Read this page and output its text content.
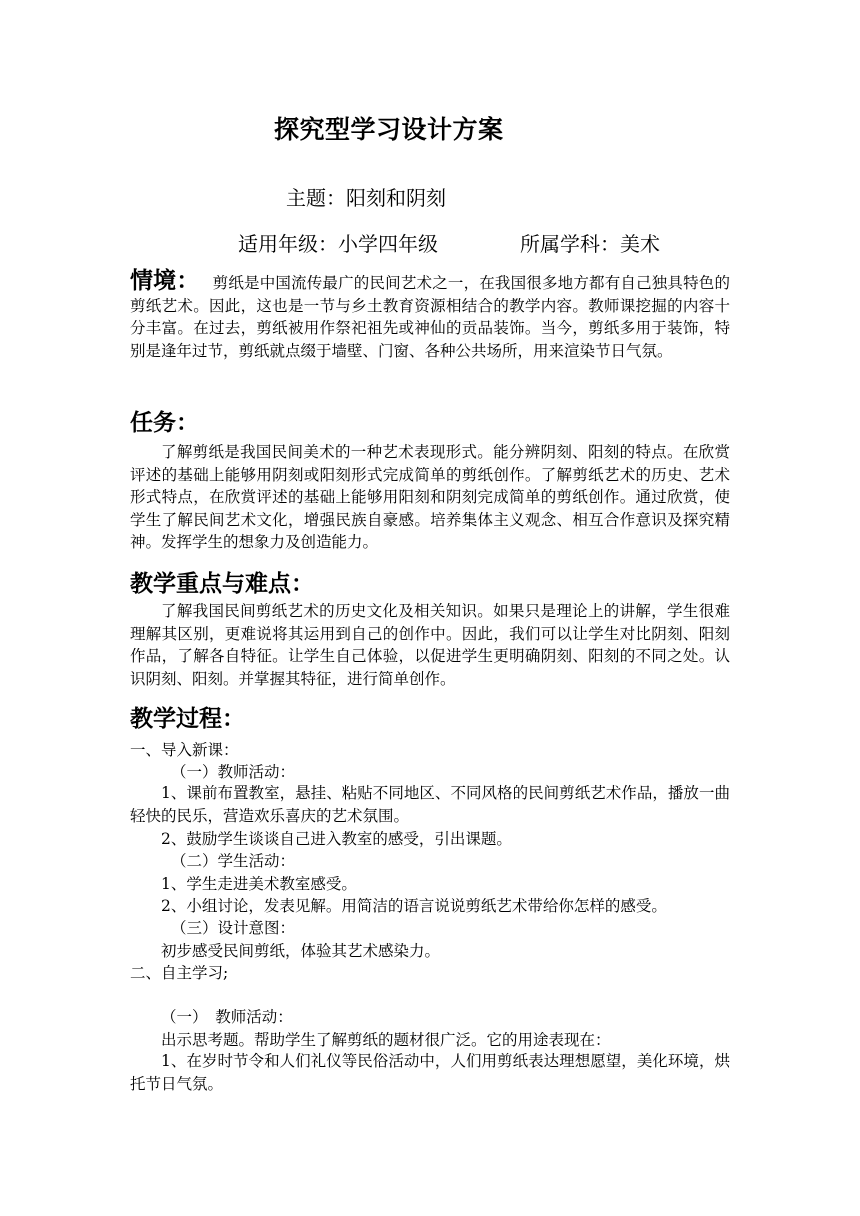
探究型学习设计方案
主题：阳刻和阴刻
适用年级：小学四年级	所属学科：美术
情境： 剪纸是中国流传最广的民间艺术之一，在我国很多地方都有自己独具特色的剪纸艺术。因此，这也是一节与乡土教育资源相结合的教学内容。教师课挖掘的内容十分丰富。在过去，剪纸被用作祭祀祖先或神仙的贡品装饰。当今，剪纸多用于装饰，特别是逢年过节，剪纸就点缀于墙壁、门窗、各种公共场所，用来渲染节日气氛。
任务：
了解剪纸是我国民间美术的一种艺术表现形式。能分辨阴刻、阳刻的特点。在欣赏评述的基础上能够用阴刻或阳刻形式完成简单的剪纸创作。了解剪纸艺术的历史、艺术形式特点，在欣赏评述的基础上能够用阳刻和阴刻完成简单的剪纸创作。通过欣赏，使学生了解民间艺术文化，增强民族自豪感。培养集体主义观念、相互合作意识及探究精神。发挥学生的想象力及创造能力。
教学重点与难点：
了解我国民间剪纸艺术的历史文化及相关知识。如果只是理论上的讲解，学生很难理解其区别，更难说将其运用到自己的创作中。因此，我们可以让学生对比阴刻、阳刻作品，了解各自特征。让学生自己体验，以促进学生更明确阴刻、阳刻的不同之处。认识阴刻、阳刻。并掌握其特征，进行简单创作。
教学过程：
一、导入新课：
（一）教师活动：
1、课前布置教室，悬挂、粘贴不同地区、不同风格的民间剪纸艺术作品，播放一曲轻快的民乐，营造欢乐喜庆的艺术氛围。
2、鼓励学生谈谈自己进入教室的感受，引出课题。
（二）学生活动：
1、学生走进美术教室感受。
2、小组讨论，发表见解。用简洁的语言说说剪纸艺术带给你怎样的感受。
（三）设计意图：
初步感受民间剪纸，体验其艺术感染力。
二、自主学习;
（一）　教师活动：
出示思考题。帮助学生了解剪纸的题材很广泛。它的用途表现在：
1、在岁时节令和人们礼仪等民俗活动中，人们用剪纸表达理想愿望，美化环境，烘托节日气氛。
